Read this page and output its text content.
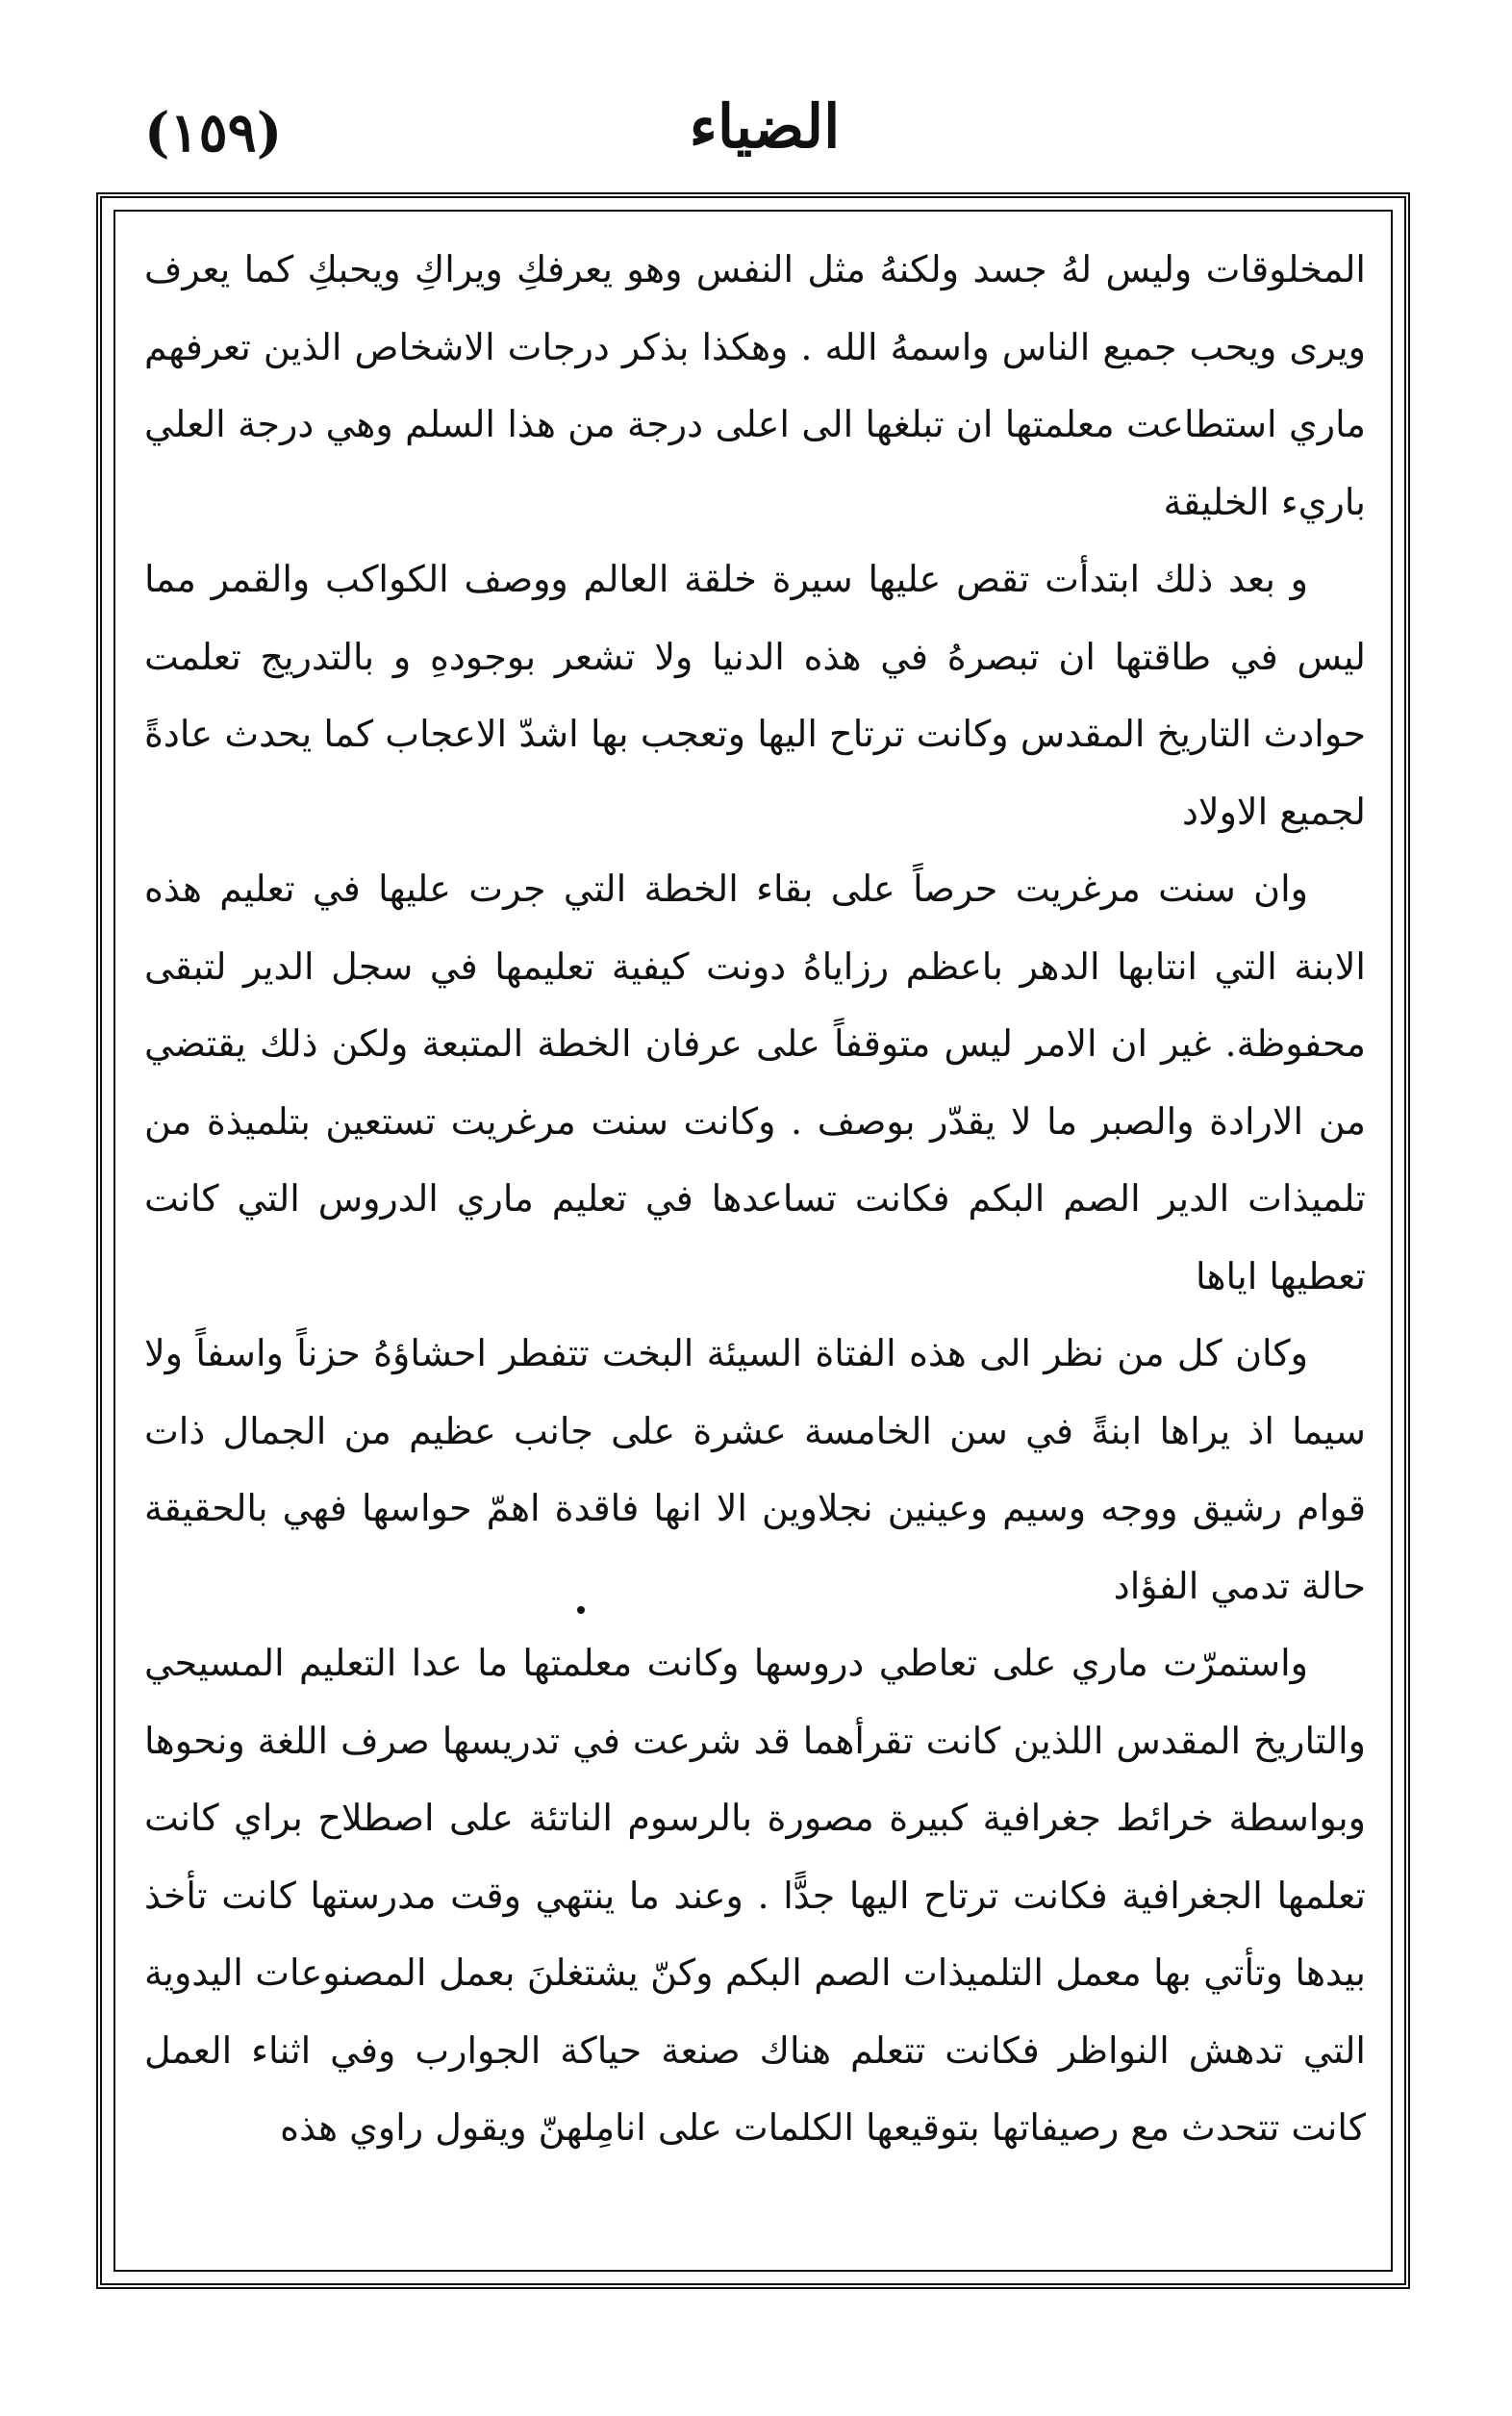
الضياء
(١٥٩)

المخلوقات وليس لهُ جسد ولكنهُ مثل النفس وهو يعرفكِ ويراكِ ويحبكِ كما يعرف ويرى ويحب جميع الناس واسمهُ الله . وهكذا بذكر درجات الاشخاص الذين تعرفهم ماري استطاعت معلمتها ان تبلغها الى اعلى درجة من هذا السلم وهي درجة العلي باريء الخليقة

و بعد ذلك ابتدأت تقص عليها سيرة خلقة العالم ووصف الكواكب والقمر مما ليس في طاقتها ان تبصرهُ في هذه الدنيا ولا تشعر بوجودهِ و بالتدريج تعلمت حوادث التاريخ المقدس وكانت ترتاح اليها وتعجب بها اشدّ الاعجاب كما يحدث عادةً لجميع الاولاد

وان سنت مرغريت حرصاً على بقاء الخطة التي جرت عليها في تعليم هذه الابنة التي انتابها الدهر باعظم رزاياهُ دونت كيفية تعليمها في سجل الدير لتبقى محفوظة. غير ان الامر ليس متوقفاً على عرفان الخطة المتبعة ولكن ذلك يقتضي من الارادة والصبر ما لا يقدّر بوصف . وكانت سنت مرغريت تستعين بتلميذة من تلميذات الدير الصم البكم فكانت تساعدها في تعليم ماري الدروس التي كانت تعطيها اياها

وكان كل من نظر الى هذه الفتاة السيئة البخت تتفطر احشاؤهُ حزناً واسفاً ولا سيما اذ يراها ابنةً في سن الخامسة عشرة على جانب عظيم من الجمال ذات قوام رشيق ووجه وسيم وعينين نجلاوين الا انها فاقدة اهمّ حواسها فهي بالحقيقة حالة تدمي الفؤاد

واستمرّت ماري على تعاطي دروسها وكانت معلمتها ما عدا التعليم المسيحي والتاريخ المقدس اللذين كانت تقرأهما قد شرعت في تدريسها صرف اللغة ونحوها وبواسطة خرائط جغرافية كبيرة مصورة بالرسوم الناتئة على اصطلاح براي كانت تعلمها الجغرافية فكانت ترتاح اليها جدًّا . وعند ما ينتهي وقت مدرستها كانت تأخذ بيدها وتأتي بها معمل التلميذات الصم البكم وكنّ يشتغلنَ بعمل المصنوعات اليدوية التي تدهش النواظر فكانت تتعلم هناك صنعة حياكة الجوارب وفي اثناء العمل كانت تتحدث مع رصيفاتها بتوقيعها الكلمات على انامِلهنّ ويقول راوي هذه
